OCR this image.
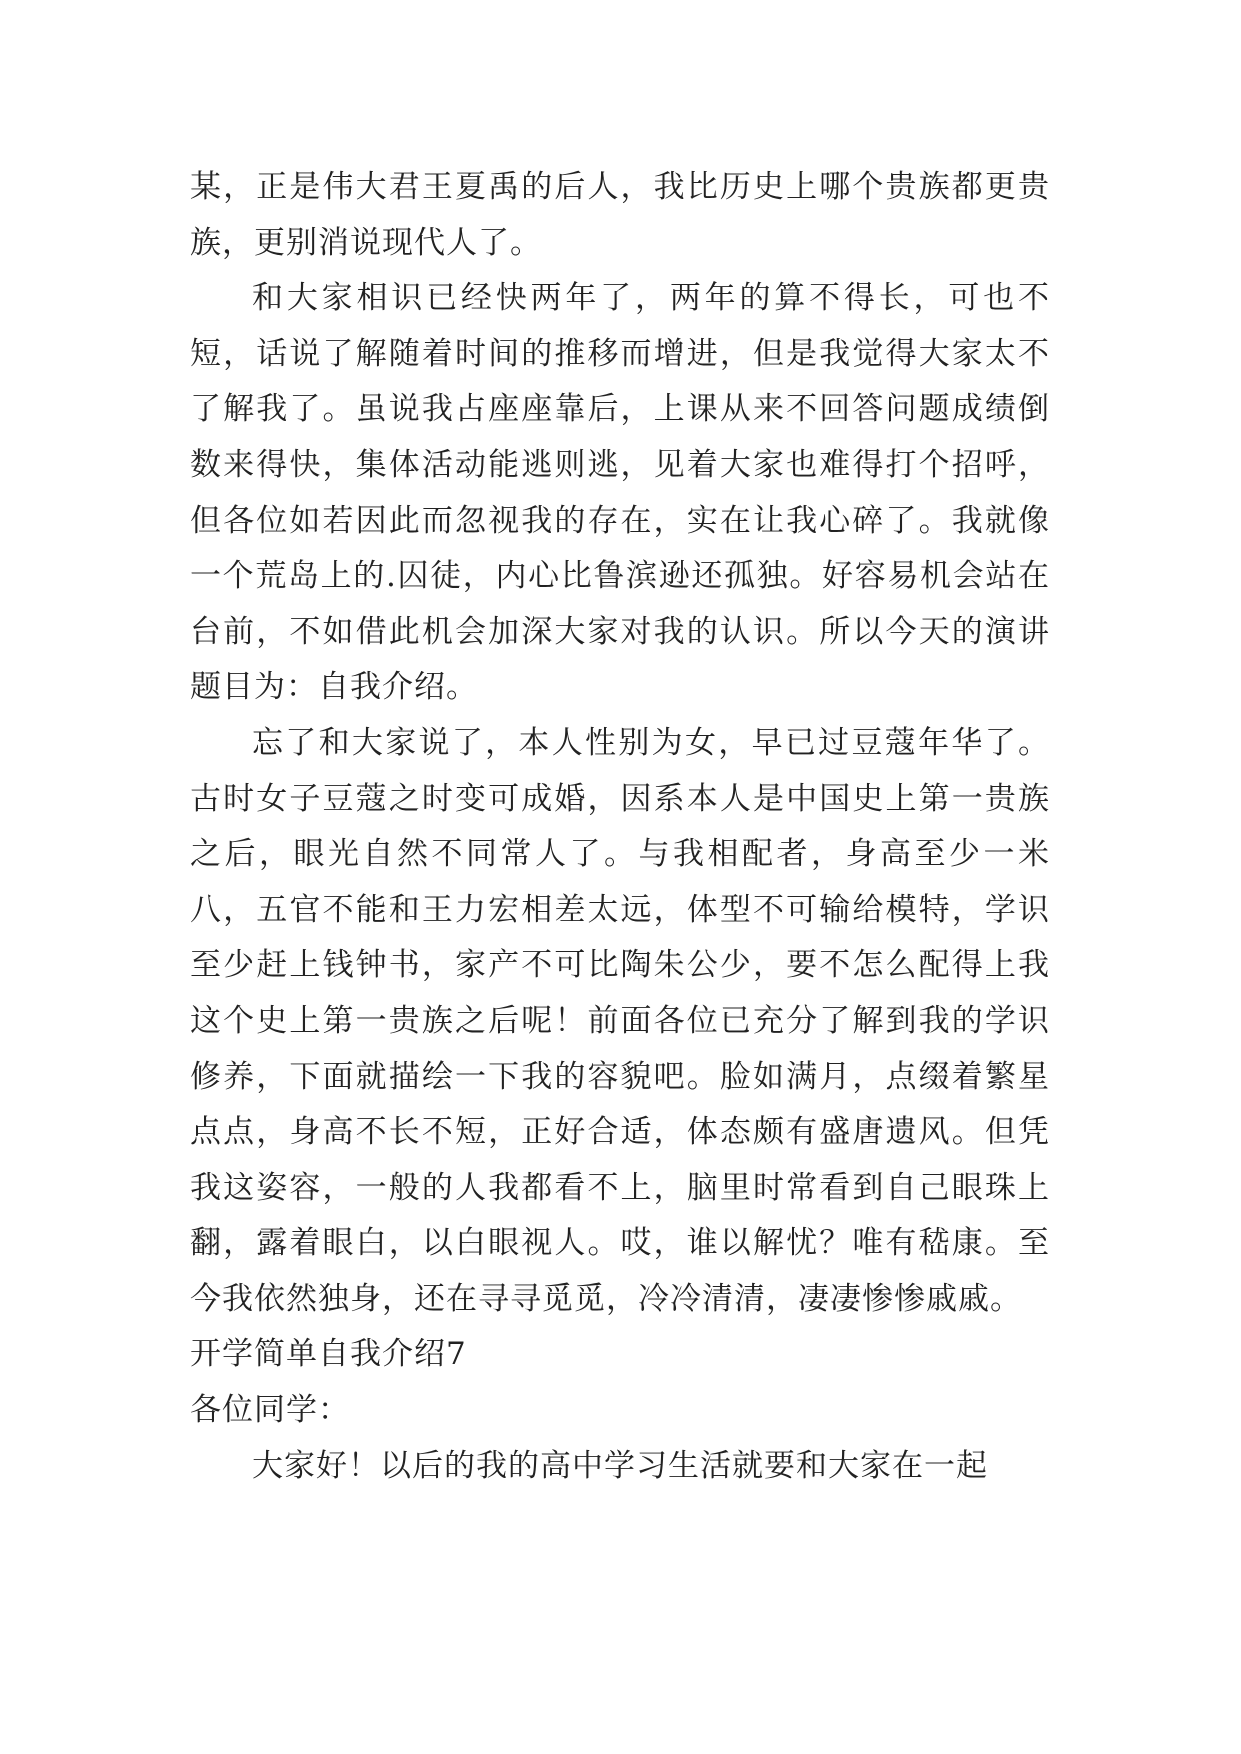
某，正是伟大君王夏禹的后人，我比历史上哪个贵族都更贵族，更别消说现代人了。

和大家相识已经快两年了，两年的算不得长，可也不短，话说了解随着时间的推移而增进，但是我觉得大家太不了解我了。虽说我占座座靠后，上课从来不回答问题成绩倒数来得快，集体活动能逃则逃，见着大家也难得打个招呼，但各位如若因此而忽视我的存在，实在让我心碎了。我就像一个荒岛上的.囚徒，内心比鲁滨逊还孤独。好容易机会站在台前，不如借此机会加深大家对我的认识。所以今天的演讲题目为：自我介绍。

忘了和大家说了，本人性别为女，早已过豆蔻年华了。古时女子豆蔻之时变可成婚，因系本人是中国史上第一贵族之后，眼光自然不同常人了。与我相配者，身高至少一米八，五官不能和王力宏相差太远，体型不可输给模特，学识至少赶上钱钟书，家产不可比陶朱公少，要不怎么配得上我这个史上第一贵族之后呢！前面各位已充分了解到我的学识修养，下面就描绘一下我的容貌吧。脸如满月，点缀着繁星点点，身高不长不短，正好合适，体态颇有盛唐遗风。但凭我这姿容，一般的人我都看不上，脑里时常看到自己眼珠上翻，露着眼白，以白眼视人。哎，谁以解忧？唯有嵇康。至今我依然独身，还在寻寻觅觅，冷冷清清，凄凄惨惨戚戚。

开学简单自我介绍7

各位同学：

大家好！以后的我的高中学习生活就要和大家在一起
